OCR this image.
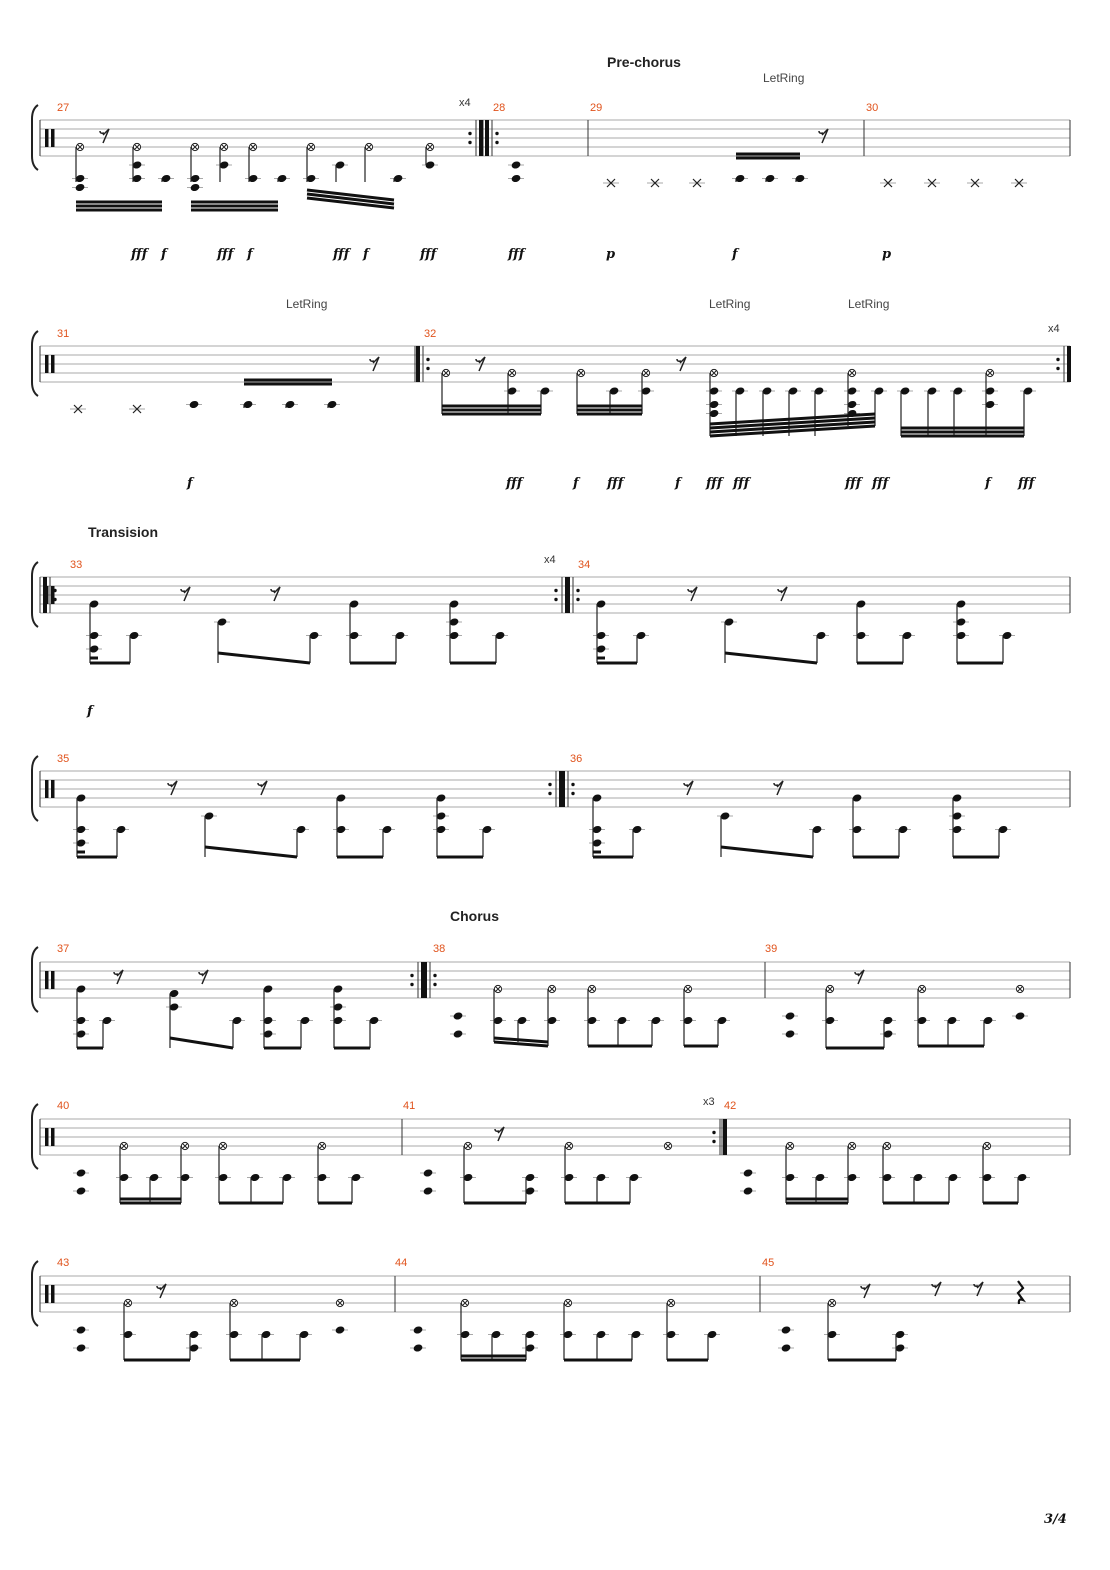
Pre-chorus
Transision
Chorus
LetRing
LetRing	LetRing	LetRing
x4
x4
x4
x3
27	28	29	30
31	32
33	34
35	36
37	38	39
40	41	42
43	44	45
fff f	fff f	fff f	fff	fff	p	f	p
f	fff	f fff	f fff fff	fff fff	f fff
f
3/4
